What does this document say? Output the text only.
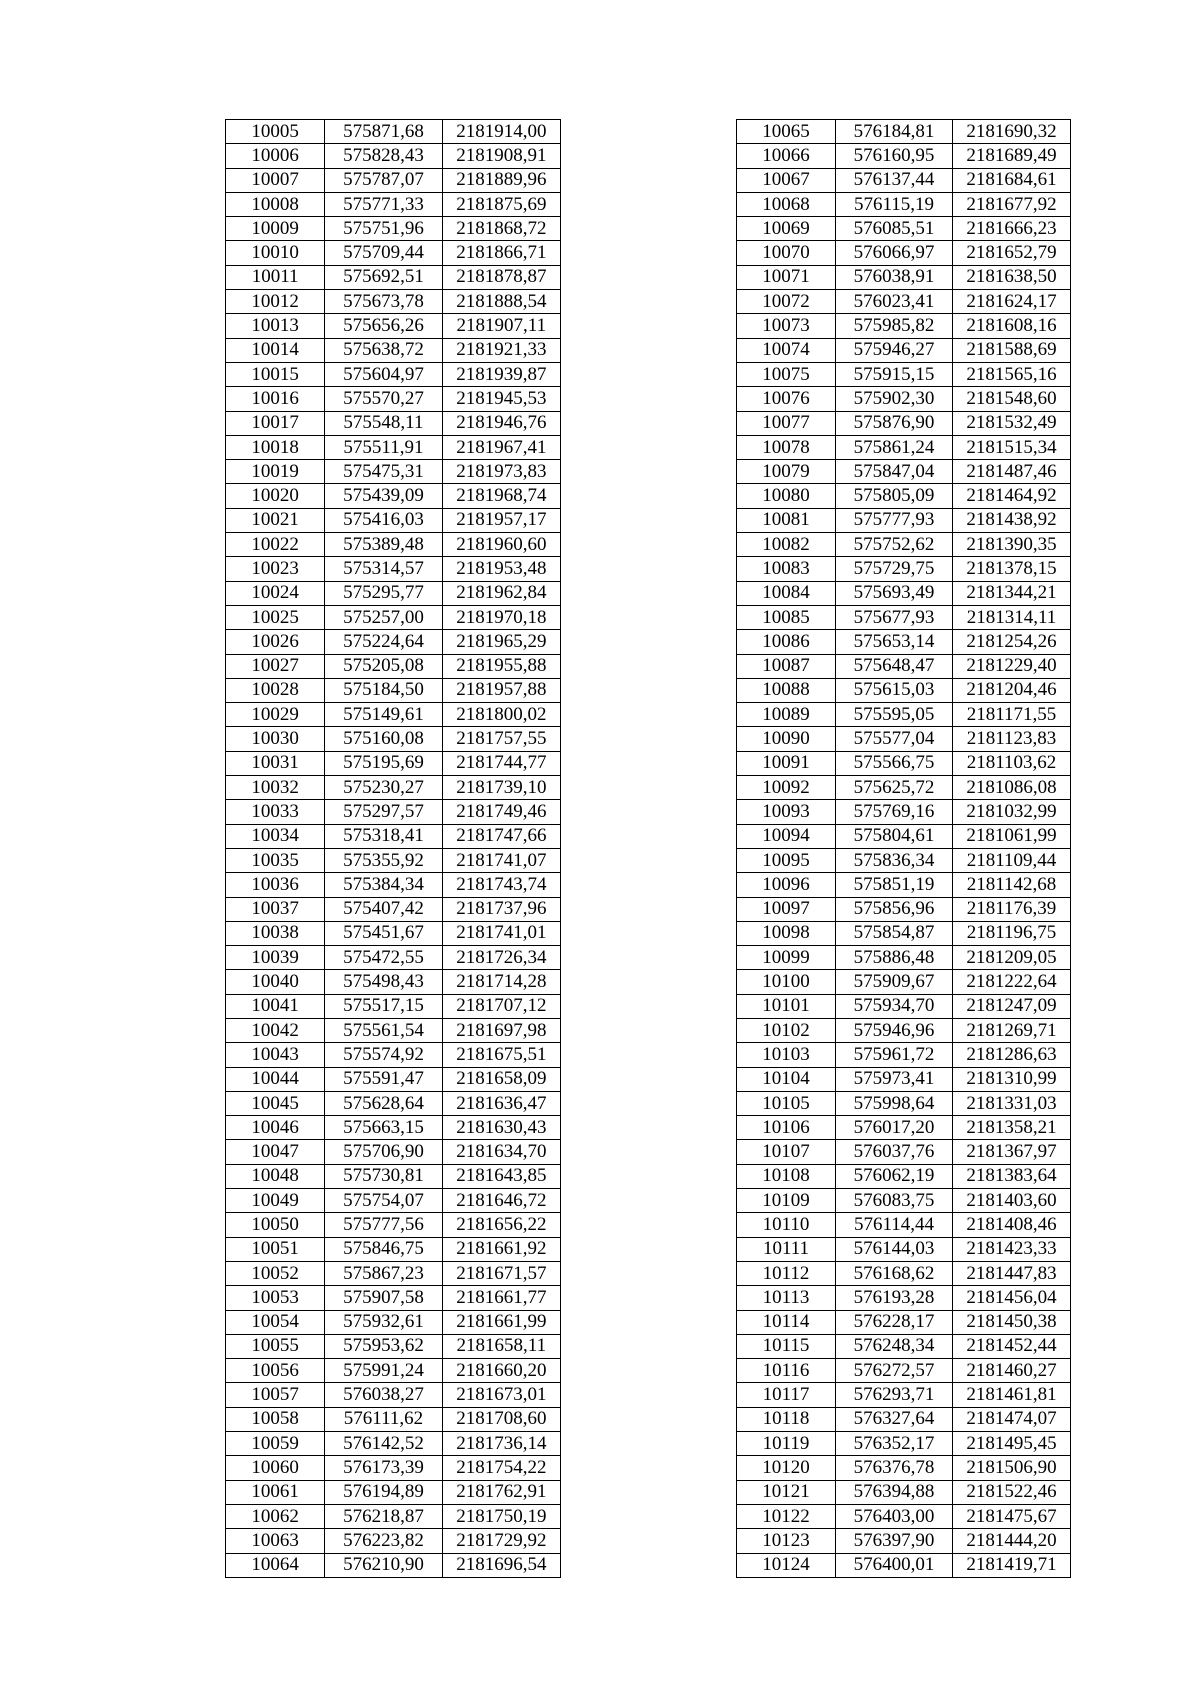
10005	575871,68	2181914,00
10006	575828,43	2181908,91
10007	575787,07	2181889,96
10008	575771,33	2181875,69
10009	575751,96	2181868,72
10010	575709,44	2181866,71
10011	575692,51	2181878,87
10012	575673,78	2181888,54
10013	575656,26	2181907,11
10014	575638,72	2181921,33
10015	575604,97	2181939,87
10016	575570,27	2181945,53
10017	575548,11	2181946,76
10018	575511,91	2181967,41
10019	575475,31	2181973,83
10020	575439,09	2181968,74
10021	575416,03	2181957,17
10022	575389,48	2181960,60
10023	575314,57	2181953,48
10024	575295,77	2181962,84
10025	575257,00	2181970,18
10026	575224,64	2181965,29
10027	575205,08	2181955,88
10028	575184,50	2181957,88
10029	575149,61	2181800,02
10030	575160,08	2181757,55
10031	575195,69	2181744,77
10032	575230,27	2181739,10
10033	575297,57	2181749,46
10034	575318,41	2181747,66
10035	575355,92	2181741,07
10036	575384,34	2181743,74
10037	575407,42	2181737,96
10038	575451,67	2181741,01
10039	575472,55	2181726,34
10040	575498,43	2181714,28
10041	575517,15	2181707,12
10042	575561,54	2181697,98
10043	575574,92	2181675,51
10044	575591,47	2181658,09
10045	575628,64	2181636,47
10046	575663,15	2181630,43
10047	575706,90	2181634,70
10048	575730,81	2181643,85
10049	575754,07	2181646,72
10050	575777,56	2181656,22
10051	575846,75	2181661,92
10052	575867,23	2181671,57
10053	575907,58	2181661,77
10054	575932,61	2181661,99
10055	575953,62	2181658,11
10056	575991,24	2181660,20
10057	576038,27	2181673,01
10058	576111,62	2181708,60
10059	576142,52	2181736,14
10060	576173,39	2181754,22
10061	576194,89	2181762,91
10062	576218,87	2181750,19
10063	576223,82	2181729,92
10064	576210,90	2181696,54
10065	576184,81	2181690,32
10066	576160,95	2181689,49
10067	576137,44	2181684,61
10068	576115,19	2181677,92
10069	576085,51	2181666,23
10070	576066,97	2181652,79
10071	576038,91	2181638,50
10072	576023,41	2181624,17
10073	575985,82	2181608,16
10074	575946,27	2181588,69
10075	575915,15	2181565,16
10076	575902,30	2181548,60
10077	575876,90	2181532,49
10078	575861,24	2181515,34
10079	575847,04	2181487,46
10080	575805,09	2181464,92
10081	575777,93	2181438,92
10082	575752,62	2181390,35
10083	575729,75	2181378,15
10084	575693,49	2181344,21
10085	575677,93	2181314,11
10086	575653,14	2181254,26
10087	575648,47	2181229,40
10088	575615,03	2181204,46
10089	575595,05	2181171,55
10090	575577,04	2181123,83
10091	575566,75	2181103,62
10092	575625,72	2181086,08
10093	575769,16	2181032,99
10094	575804,61	2181061,99
10095	575836,34	2181109,44
10096	575851,19	2181142,68
10097	575856,96	2181176,39
10098	575854,87	2181196,75
10099	575886,48	2181209,05
10100	575909,67	2181222,64
10101	575934,70	2181247,09
10102	575946,96	2181269,71
10103	575961,72	2181286,63
10104	575973,41	2181310,99
10105	575998,64	2181331,03
10106	576017,20	2181358,21
10107	576037,76	2181367,97
10108	576062,19	2181383,64
10109	576083,75	2181403,60
10110	576114,44	2181408,46
10111	576144,03	2181423,33
10112	576168,62	2181447,83
10113	576193,28	2181456,04
10114	576228,17	2181450,38
10115	576248,34	2181452,44
10116	576272,57	2181460,27
10117	576293,71	2181461,81
10118	576327,64	2181474,07
10119	576352,17	2181495,45
10120	576376,78	2181506,90
10121	576394,88	2181522,46
10122	576403,00	2181475,67
10123	576397,90	2181444,20
10124	576400,01	2181419,71
